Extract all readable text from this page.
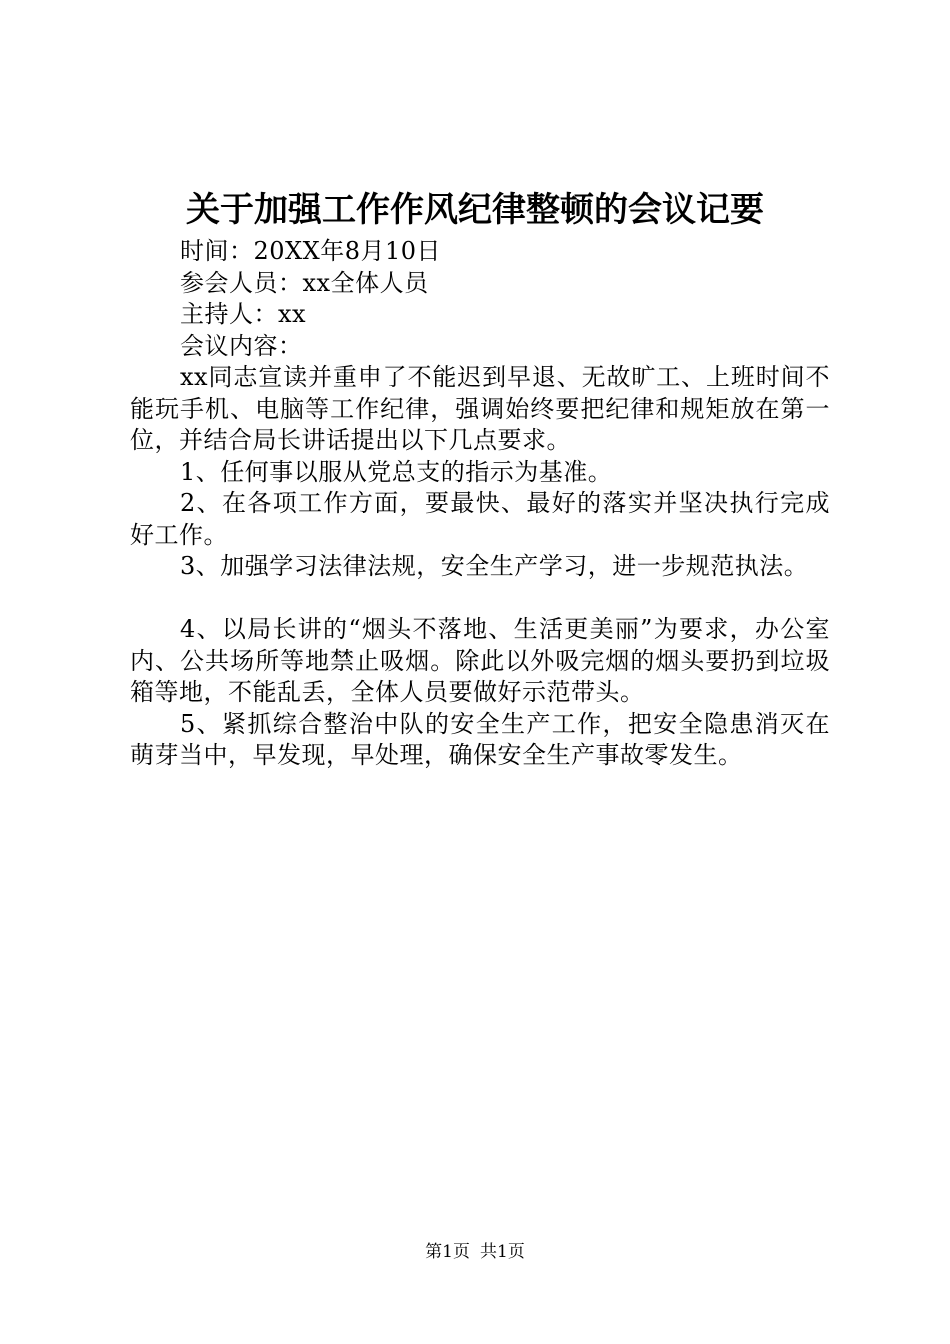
关于加强工作作风纪律整顿的会议记要

时间：20XX年8月10日

参会人员：xx全体人员

主持人：xx

会议内容：

xx同志宣读并重申了不能迟到早退、无故旷工、上班时间不能玩手机、电脑等工作纪律，强调始终要把纪律和规矩放在第一位，并结合局长讲话提出以下几点要求。

1、任何事以服从党总支的指示为基准。

2、在各项工作方面，要最快、最好的落实并坚决执行完成好工作。

3、加强学习法律法规，安全生产学习，进一步规范执法。

4、以局长讲的“烟头不落地、生活更美丽”为要求，办公室内、公共场所等地禁止吸烟。除此以外吸完烟的烟头要扔到垃圾箱等地，不能乱丢，全体人员要做好示范带头。

5、紧抓综合整治中队的安全生产工作，把安全隐患消灭在萌芽当中，早发现，早处理，确保安全生产事故零发生。

第1页 共1页
